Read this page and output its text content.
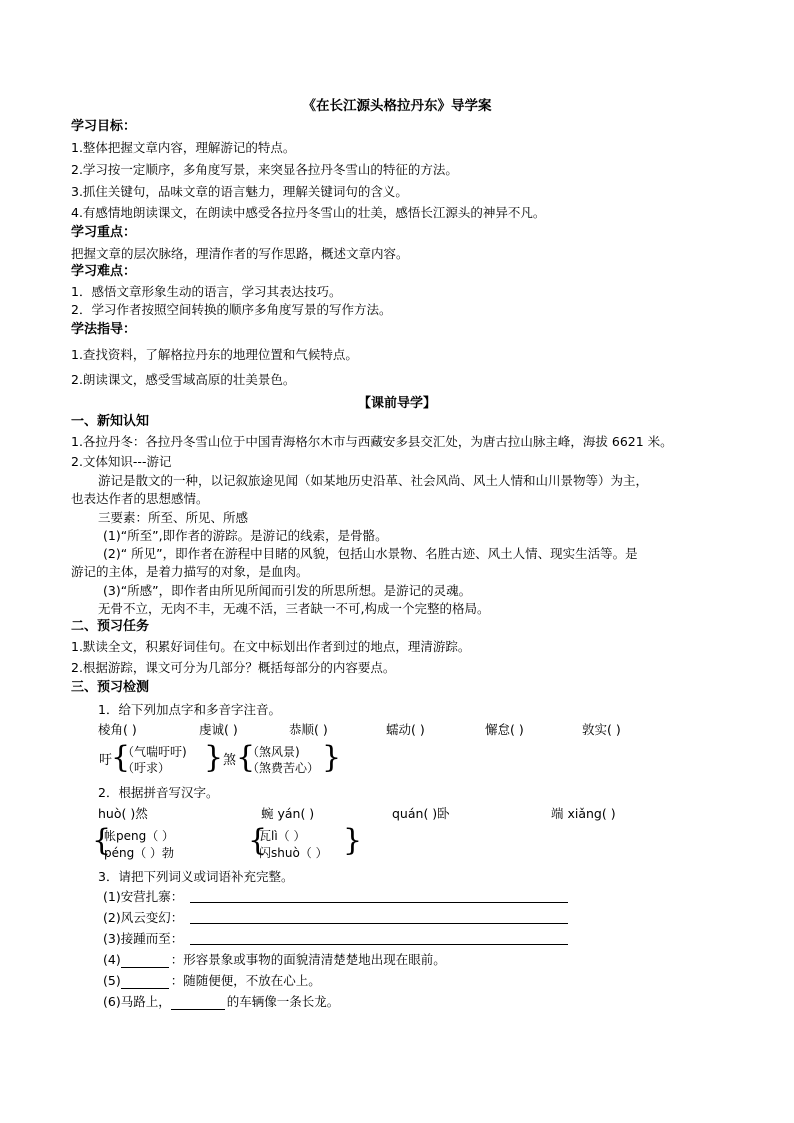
《在长江源头格拉丹东》导学案
学习目标：
1.整体把握文章内容，理解游记的特点。
2.学习按一定顺序，多角度写景，来突显各拉丹冬雪山的特征的方法。
3.抓住关键句，品味文章的语言魅力，理解关键词句的含义。
4.有感情地朗读课文，在朗读中感受各拉丹冬雪山的壮美，感悟长江源头的神异不凡。
学习重点：
把握文章的层次脉络，理清作者的写作思路，概述文章内容。
学习难点：
1．感悟文章形象生动的语言，学习其表达技巧。
2．学习作者按照空间转换的顺序多角度写景的写作方法。
学法指导：
1.查找资料，了解格拉丹东的地理位置和气候特点。
2.朗读课文，感受雪域高原的壮美景色。
【课前导学】
一、新知认知
1.各拉丹冬：各拉丹冬雪山位于中国青海格尔木市与西藏安多县交汇处，为唐古拉山脉主峰，海拔 6621 米。
2.文体知识---游记
游记是散文的一种，以记叙旅途见闻（如某地历史沿革、社会风尚、风土人情和山川景物等）为主，
也表达作者的思想感情。
三要素：所至、所见、所感
(1)“所至”,即作者的游踪。是游记的线索，是骨骼。
(2)“ 所见”，即作者在游程中目睹的风貌，包括山水景物、名胜古迹、风土人情、现实生活等。是
游记的主体，是着力描写的对象，是血肉。
(3)“所感”，即作者由所见所闻而引发的所思所想。是游记的灵魂。
无骨不立，无肉不丰，无魂不活，三者缺一不可,构成一个完整的格局。
二、预习任务
1.默读全文，积累好词佳句。在文中标划出作者到过的地点，理清游踪。
2.根据游踪，课文可分为几部分？概括每部分的内容要点。
三、预习检测
1．给下列加点字和多音字注音。
棱角( )	虔诚( )	恭顺( )	蠕动( )	懈怠( )	敦实( )
吁
{
（气喘吁吁)
（吁求） } 煞 {
（煞风景)
（煞费苦心） }
2．根据拼音写汉字。
huò( )然	蜿 yán( )	quán( )卧	端 xiǎng( )
{
帐peng（ ）
péng（ ）勃 {
瓦lì（ ）
闪shuò（ ） }
3．请把下列词义或词语补充完整。
(1)安营扎寨：
(2)风云变幻：
(3)接踵而至：
(4)	：形容景象或事物的面貌清清楚楚地出现在眼前。
(5)	：随随便便，不放在心上。
(6)马路上，	的车辆像一条长龙。
